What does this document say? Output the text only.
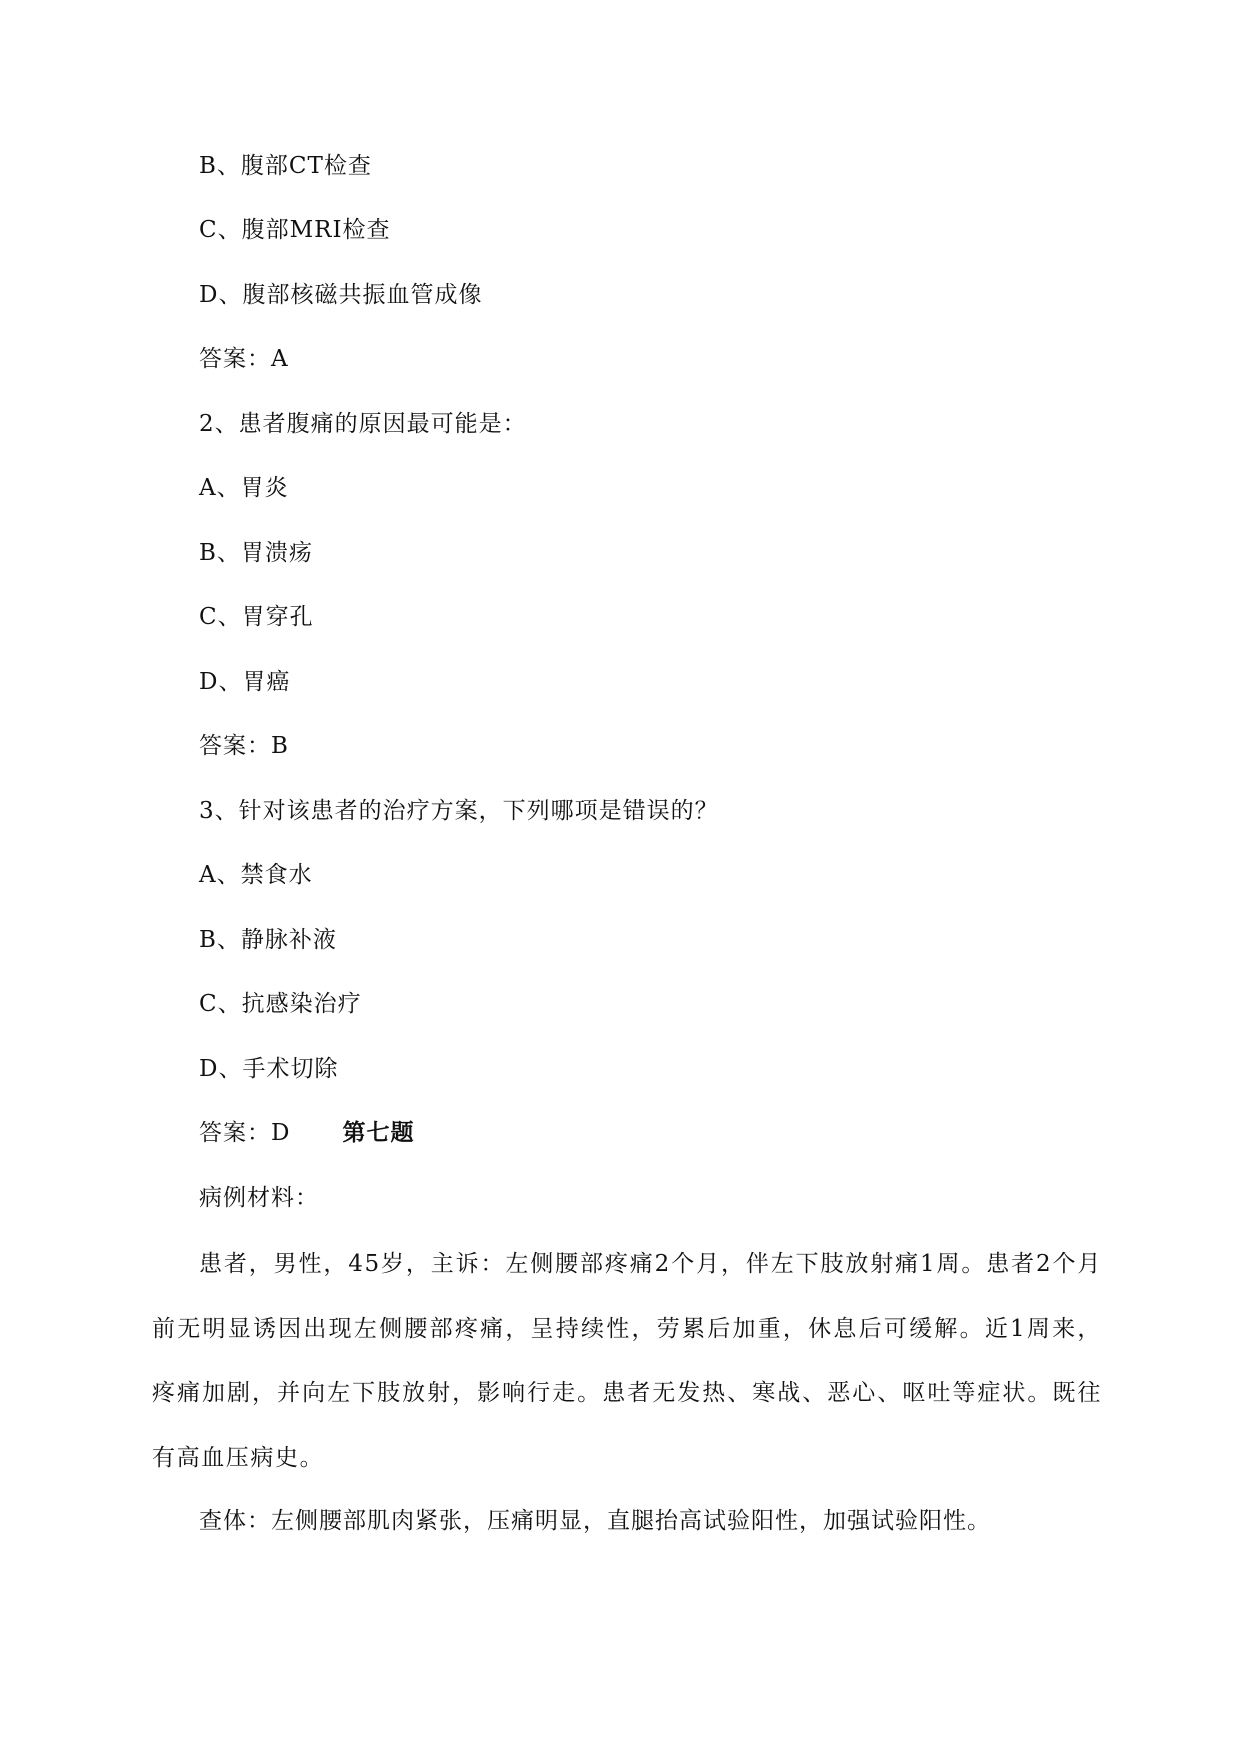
B、腹部CT检查
C、腹部MRI检查
D、腹部核磁共振血管成像
答案：A
2、患者腹痛的原因最可能是：
A、胃炎
B、胃溃疡
C、胃穿孔
D、胃癌
答案：B
3、针对该患者的治疗方案，下列哪项是错误的？
A、禁食水
B、静脉补液
C、抗感染治疗
D、手术切除
答案：D 第七题
病例材料：
患者，男性，45岁，主诉：左侧腰部疼痛2个月，伴左下肢放射痛1周。患者2个月前无明显诱因出现左侧腰部疼痛，呈持续性，劳累后加重，休息后可缓解。近1周来，疼痛加剧，并向左下肢放射，影响行走。患者无发热、寒战、恶心、呕吐等症状。既往有高血压病史。
查体：左侧腰部肌肉紧张，压痛明显，直腿抬高试验阳性，加强试验阳性。
